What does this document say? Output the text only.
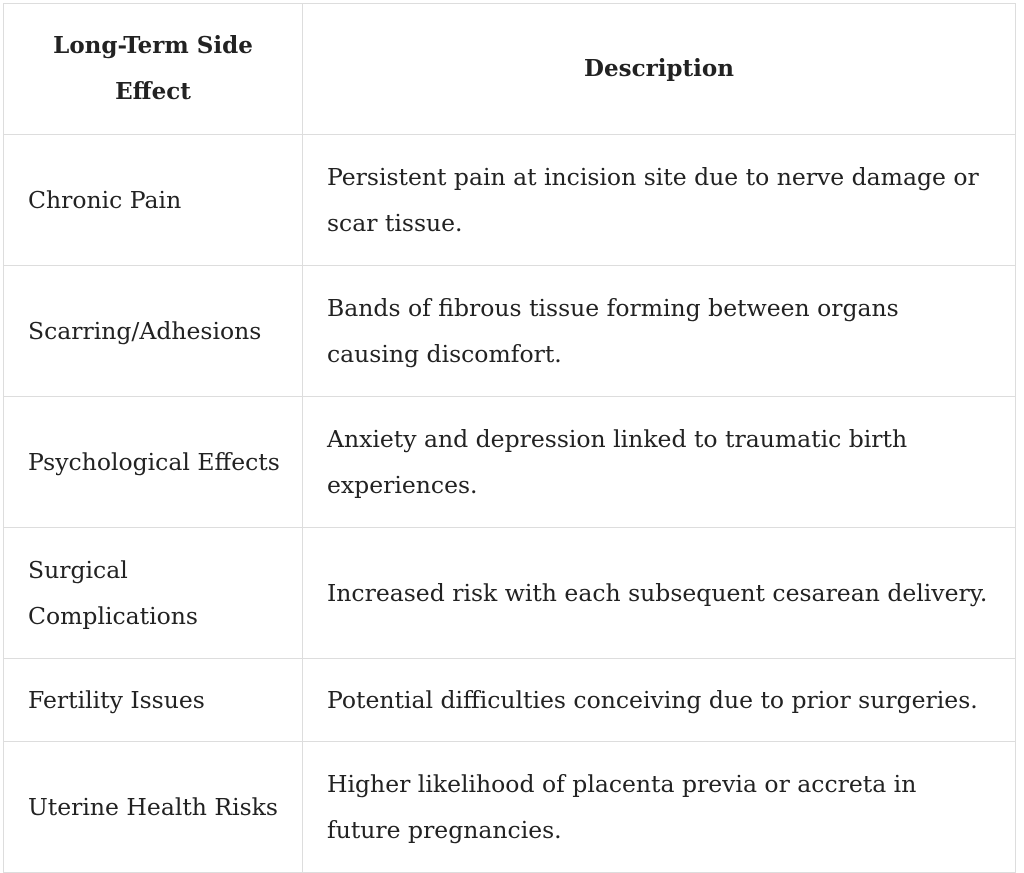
Long-Term Side Effect	Description
Chronic Pain	Persistent pain at incision site due to nerve damage or scar tissue.
Scarring/Adhesions	Bands of fibrous tissue forming between organs causing discomfort.
Psychological Effects	Anxiety and depression linked to traumatic birth experiences.
Surgical Complications	Increased risk with each subsequent cesarean delivery.
Fertility Issues	Potential difficulties conceiving due to prior surgeries.
Uterine Health Risks	Higher likelihood of placenta previa or accreta in future pregnancies.
